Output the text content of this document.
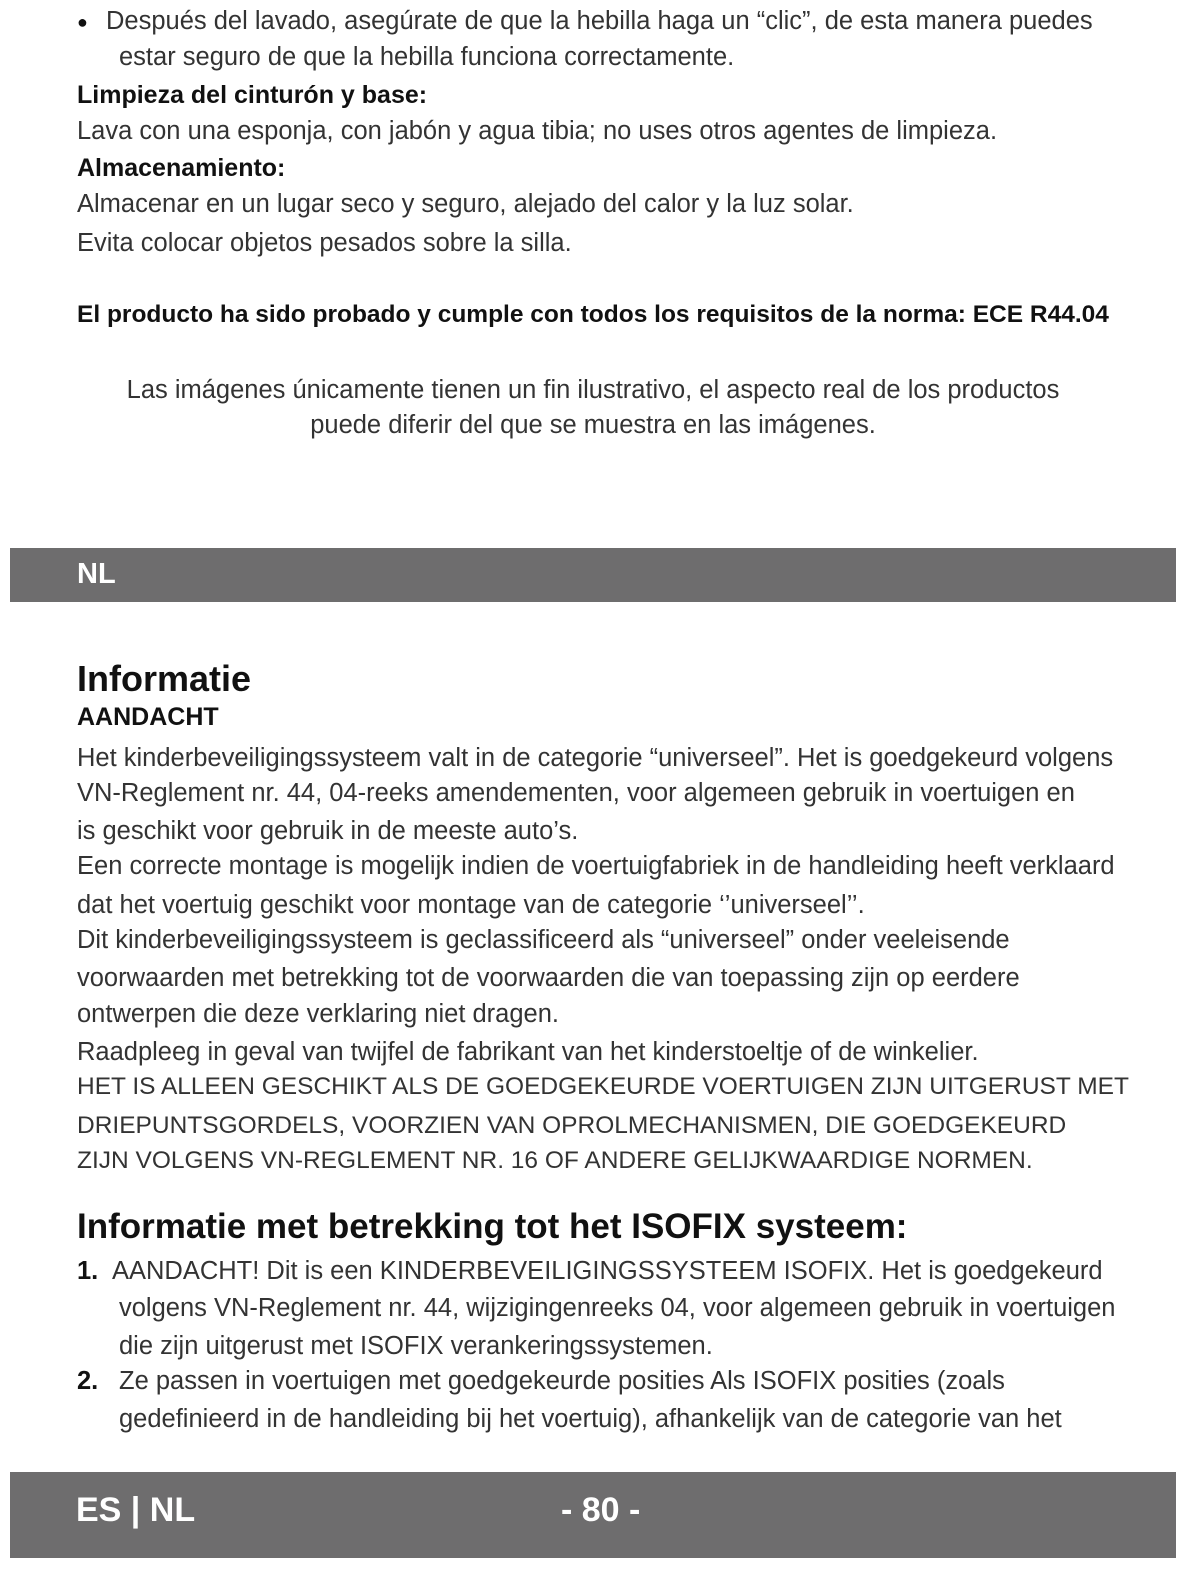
● Después del lavado, asegúrate de que la hebilla haga un “clic”, de esta manera puedes
estar seguro de que la hebilla funciona correctamente.
Limpieza del cinturón y base:
Lava con una esponja, con jabón y agua tibia; no uses otros agentes de limpieza.
Almacenamiento:
Almacenar en un lugar seco y seguro, alejado del calor y la luz solar.
Evita colocar objetos pesados sobre la silla.
El producto ha sido probado y cumple con todos los requisitos de la norma: ECE R44.04
Las imágenes únicamente tienen un fin ilustrativo, el aspecto real de los productos
puede diferir del que se muestra en las imágenes.
NL
Informatie
AANDACHT
Het kinderbeveiligingssysteem valt in de categorie “universeel”. Het is goedgekeurd volgens
VN-Reglement nr. 44, 04-reeks amendementen, voor algemeen gebruik in voertuigen en
is geschikt voor gebruik in de meeste auto’s.
Een correcte montage is mogelijk indien de voertuigfabriek in de handleiding heeft verklaard
dat het voertuig geschikt voor montage van de categorie ‘’universeel’’.
Dit kinderbeveiligingssysteem is geclassificeerd als “universeel” onder veeleisende
voorwaarden met betrekking tot de voorwaarden die van toepassing zijn op eerdere
ontwerpen die deze verklaring niet dragen.
Raadpleeg in geval van twijfel de fabrikant van het kinderstoeltje of de winkelier.
HET IS ALLEEN GESCHIKT ALS DE GOEDGEKEURDE VOERTUIGEN ZIJN UITGERUST MET
DRIEPUNTSGORDELS, VOORZIEN VAN OPROLMECHANISMEN, DIE GOEDGEKEURD
ZIJN VOLGENS VN-REGLEMENT NR. 16 OF ANDERE GELIJKWAARDIGE NORMEN.
Informatie met betrekking tot het ISOFIX systeem:
1. AANDACHT! Dit is een KINDERBEVEILIGINGSSYSTEEM ISOFIX. Het is goedgekeurd
volgens VN-Reglement nr. 44, wijzigingenreeks 04, voor algemeen gebruik in voertuigen
die zijn uitgerust met ISOFIX verankeringssystemen.
2. Ze passen in voertuigen met goedgekeurde posities Als ISOFIX posities (zoals
gedefinieerd in de handleiding bij het voertuig), afhankelijk van de categorie van het
ES | NL	- 80 -
